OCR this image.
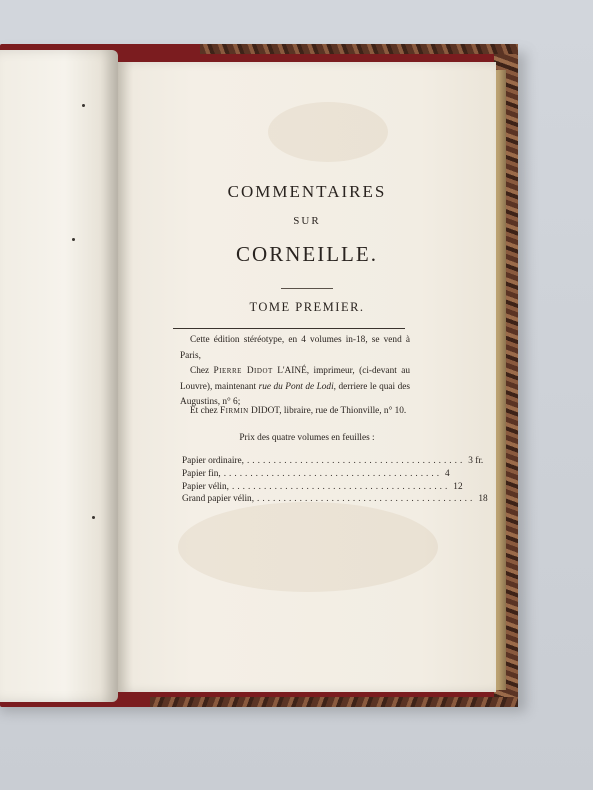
COMMENTAIRES
SUR
CORNEILLE.
TOME PREMIER.

Cette édition stéréotype, en 4 volumes in-18, se vend à Paris,

Chez Pierre Didot L'AINÉ, imprimeur, (ci-devant au Louvre), maintenant rue du Pont de Lodi, derriere le quai des Augustins, n° 6;

Et chez Firmin DIDOT, libraire, rue de Thionville, n° 10.

Prix des quatre volumes en feuilles :
Papier ordinaire, ......................................... 3 fr.
Papier fin, ......................................... 4
Papier vélin, ......................................... 12
Grand papier vélin, ......................................... 18
